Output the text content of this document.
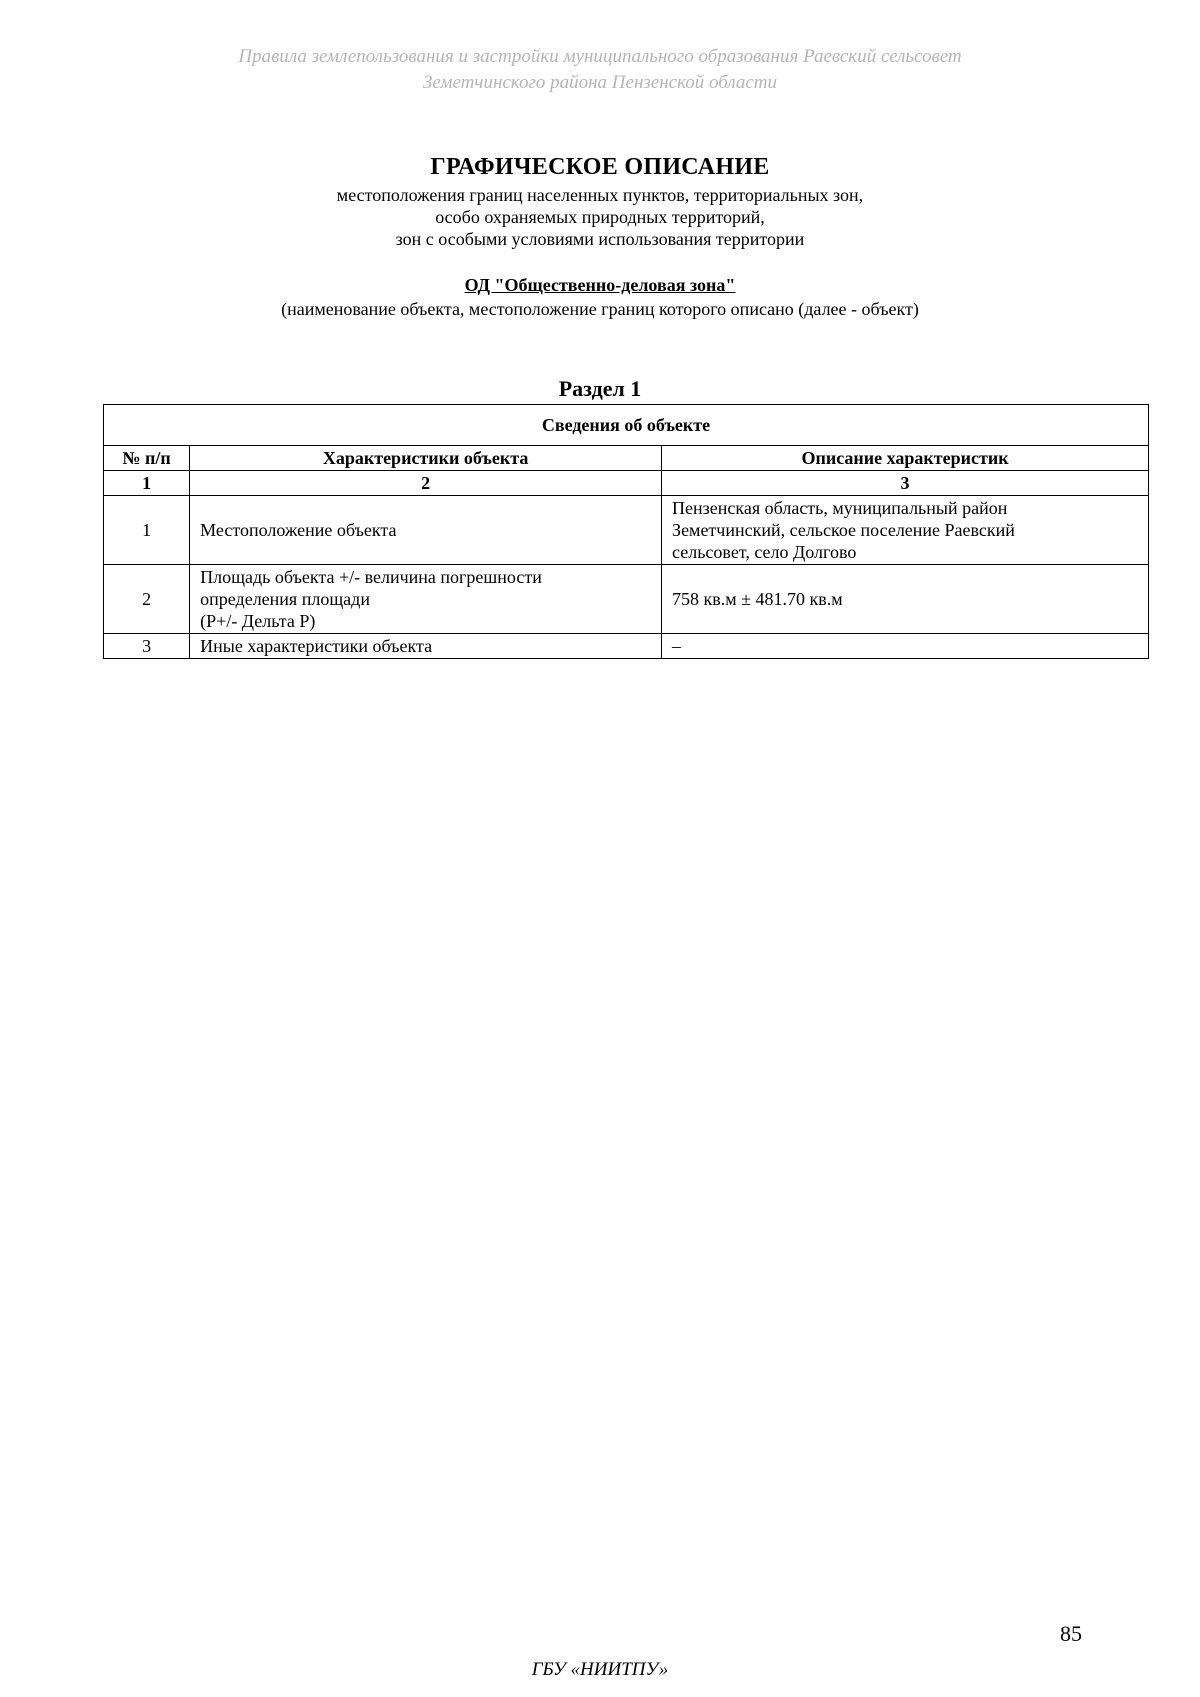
Правила землепользования и застройки муниципального образования Раевский сельсовет
Земетчинского района Пензенской области
ГРАФИЧЕСКОЕ ОПИСАНИЕ
местоположения границ населенных пунктов, территориальных зон,
особо охраняемых природных территорий,
зон с особыми условиями использования территории
ОД "Общественно-деловая зона"
(наименование объекта, местоположение границ которого описано (далее - объект)
Раздел 1
Сведения об объекте		
№ п/п	Характеристики объекта	Описание характеристик
1	2	3
1	Местоположение объекта	Пензенская область, муниципальный район
Земетчинский, сельское поселение Раевский
сельсовет, село Долгово

2	Площадь объекта +/- величина погрешности
определения площади
(Р+/- Дельта Р)	758 кв.м ± 481.70 кв.м

3	Иные характеристики объекта	–
85
ГБУ «НИИТПУ»
